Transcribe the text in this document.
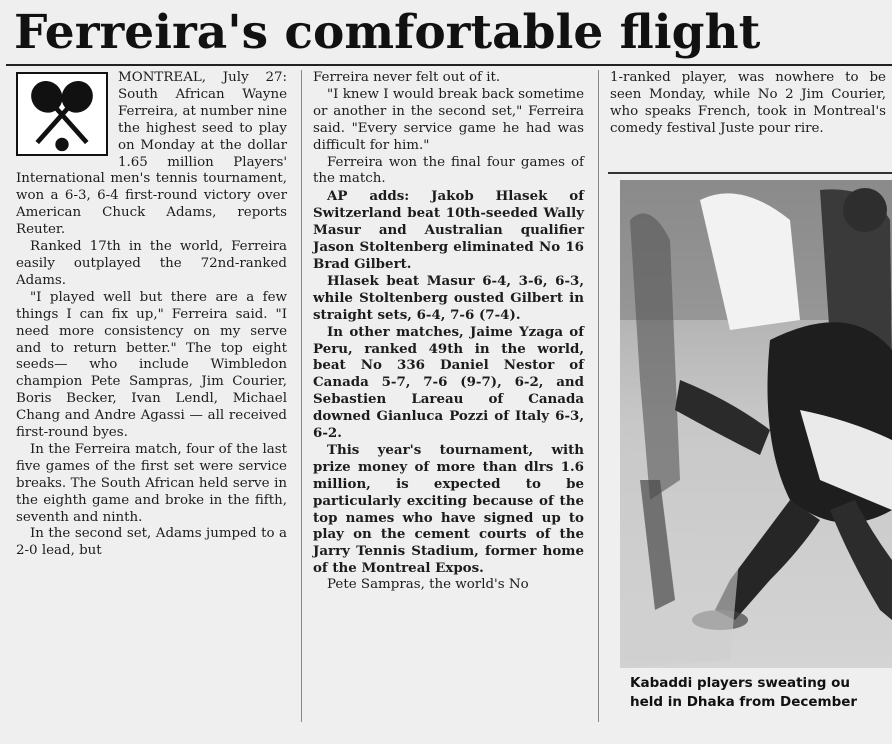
Ferreira's comfortable flight

MONTREAL, July 27: South African Wayne Ferreira, at number nine the highest seed to play on Monday at the dollar 1.65 million Players' International men's tennis tournament, won a 6-3, 6-4 first-round victory over American Chuck Adams, reports Reuter.

Ranked 17th in the world, Ferreira easily outplayed the 72nd-ranked Adams.

"I played well but there are a few things I can fix up," Ferreira said. "I need more consistency on my serve and to return better." The top eight seeds— who include Wimbledon champion Pete Sampras, Jim Courier, Boris Becker, Ivan Lendl, Michael Chang and Andre Agassi — all received first-round byes.

In the Ferreira match, four of the last five games of the first set were service breaks. The South African held serve in the eighth game and broke in the fifth, seventh and ninth.

In the second set, Adams jumped to a 2-0 lead, but

Ferreira never felt out of it.

"I knew I would break back sometime or another in the second set," Ferreira said. "Every service game he had was difficult for him."

Ferreira won the final four games of the match.

AP adds: Jakob Hlasek of Switzerland beat 10th-seeded Wally Masur and Australian qualifier Jason Stoltenberg eliminated No 16 Brad Gilbert.

Hlasek beat Masur 6-4, 3-6, 6-3, while Stoltenberg ousted Gilbert in straight sets, 6-4, 7-6 (7-4).

In other matches, Jaime Yzaga of Peru, ranked 49th in the world, beat No 336 Daniel Nestor of Canada 5-7, 7-6 (9-7), 6-2, and Sebastien Lareau of Canada downed Gianluca Pozzi of Italy 6-3, 6-2.

This year's tournament, with prize money of more than dlrs 1.6 million, is expected to be particularly exciting because of the top names who have signed up to play on the cement courts of the Jarry Tennis Stadium, former home of the Montreal Expos.

Pete Sampras, the world's No

1-ranked player, was nowhere to be seen Monday, while No 2 Jim Courier, who speaks French, took in Montreal's comedy festival Juste pour rire.

Kabaddi players sweating ou
held in Dhaka from December
